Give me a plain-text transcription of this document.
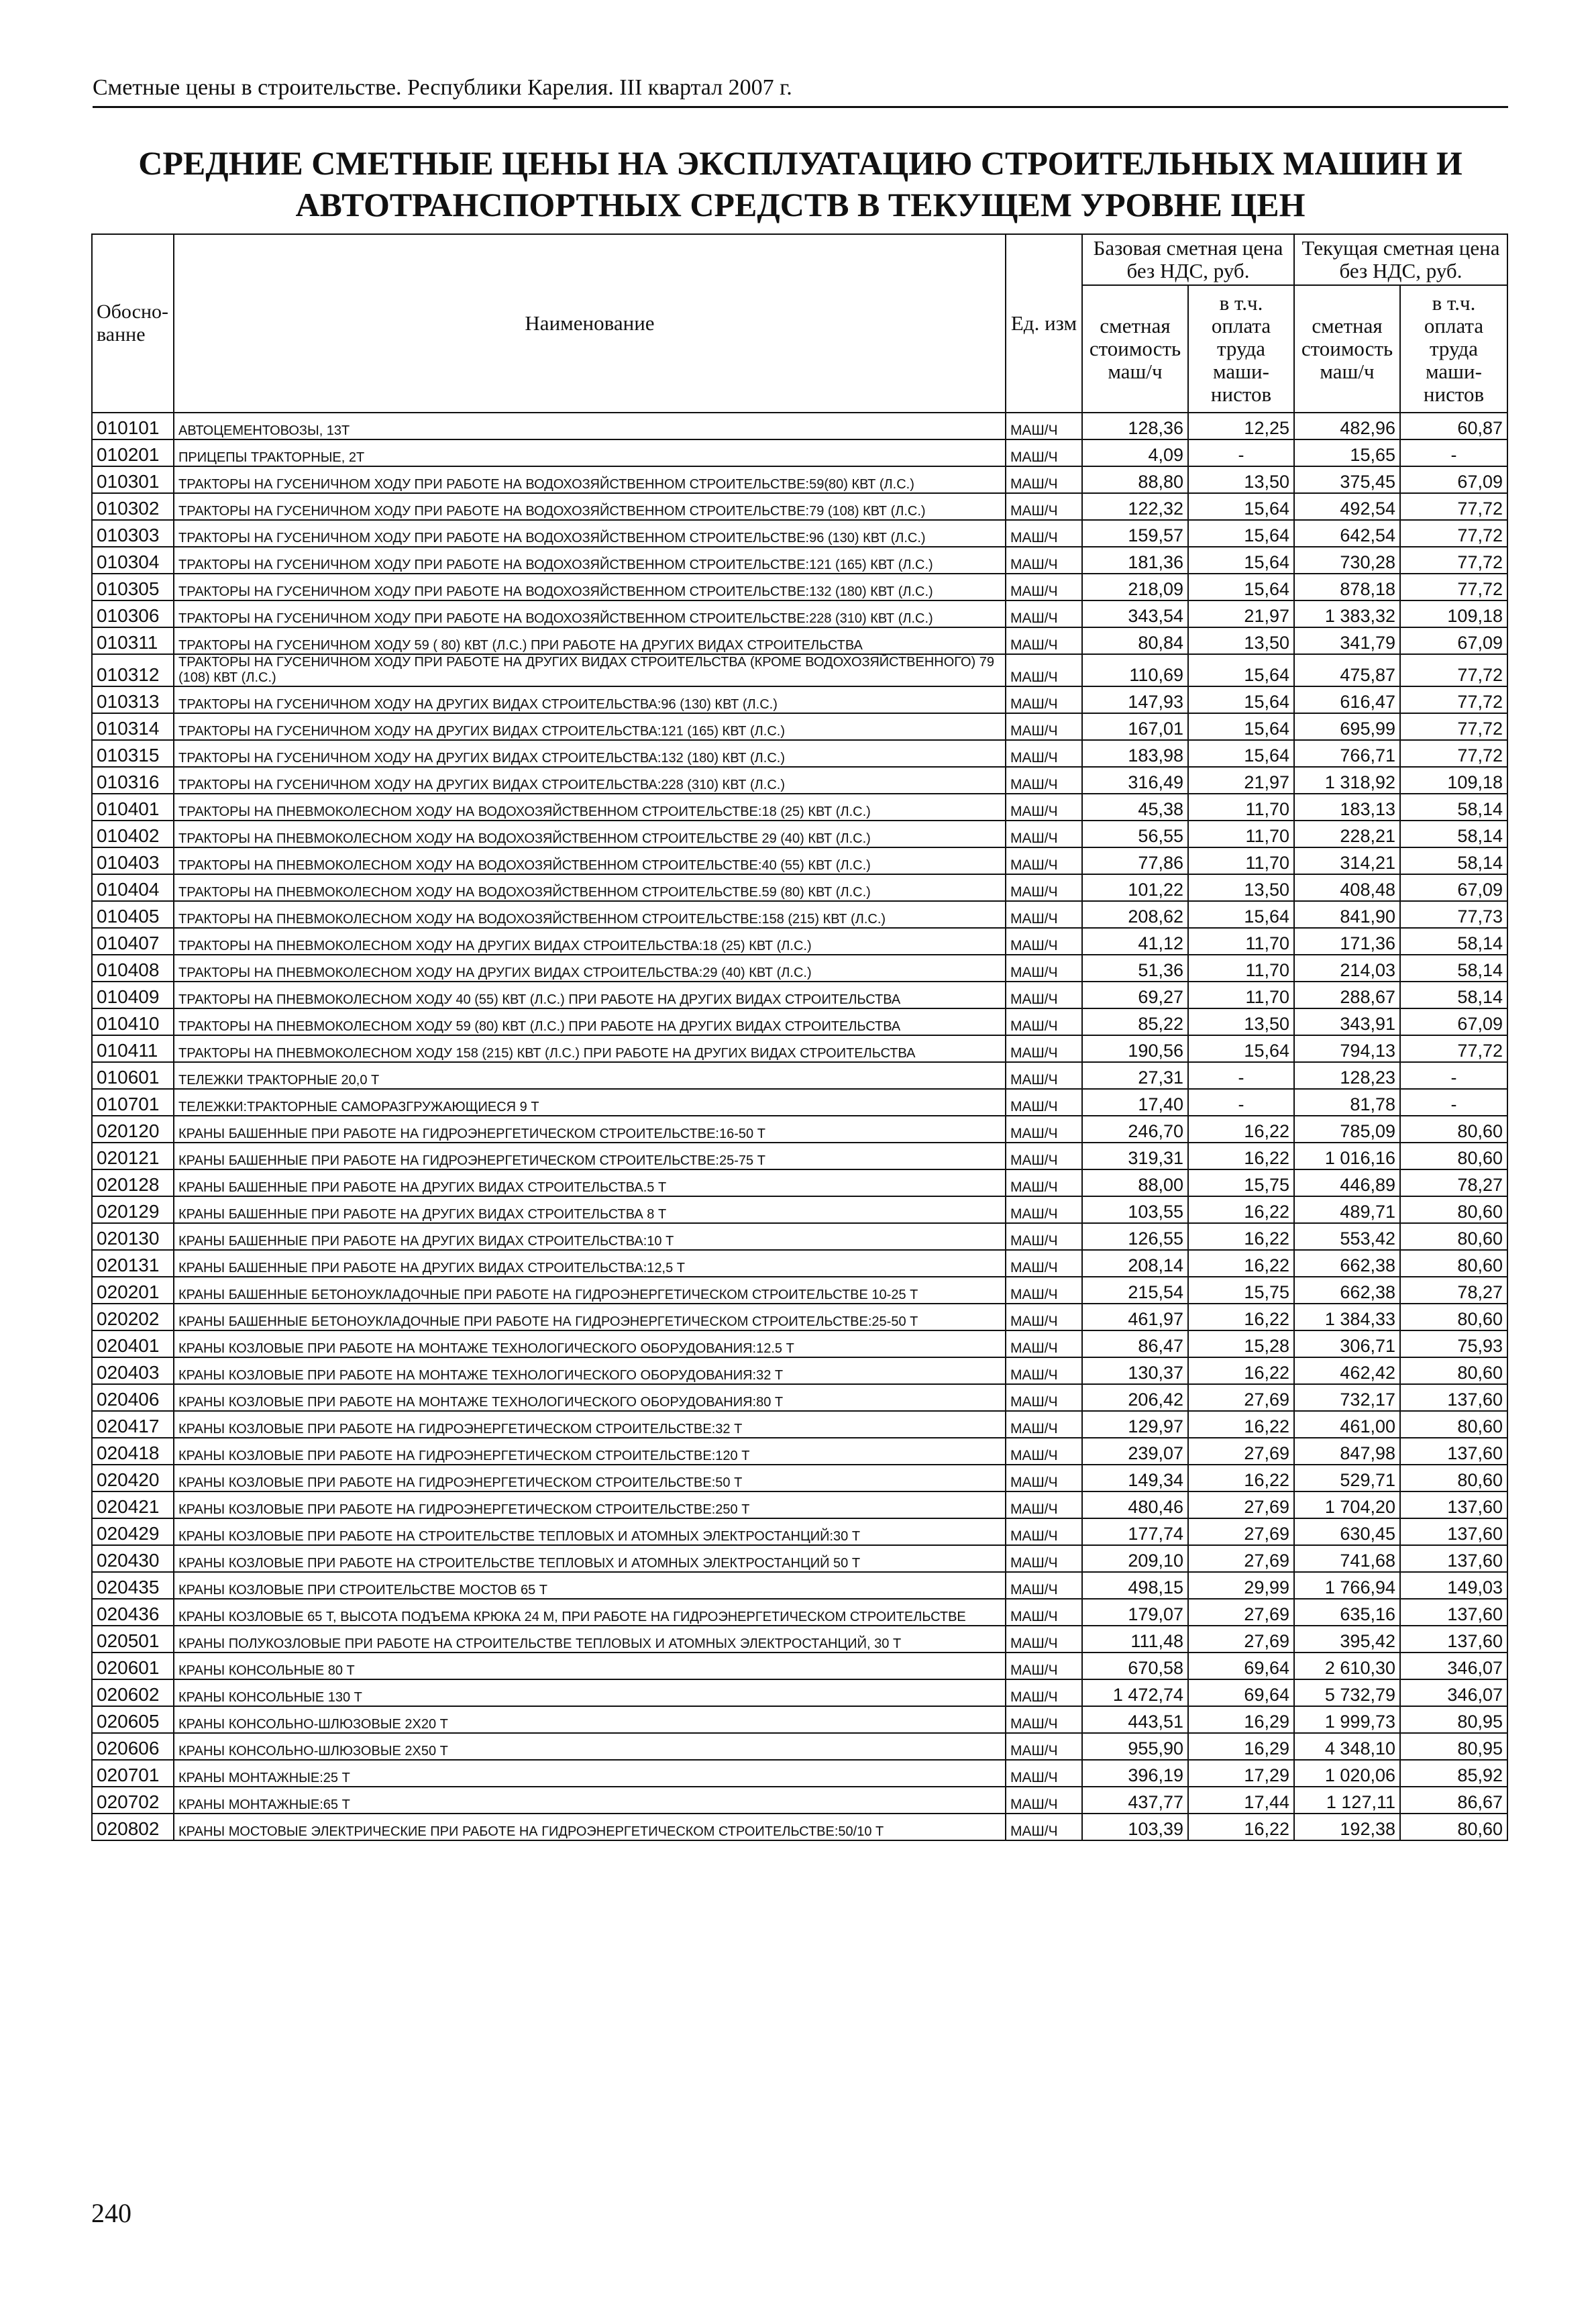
Сметные цены в строительстве. Республики Карелия. III квартал 2007 г.
СРЕДНИЕ СМЕТНЫЕ ЦЕНЫ НА ЭКСПЛУАТАЦИЮ СТРОИТЕЛЬНЫХ МАШИН И
АВТОТРАНСПОРТНЫХ СРЕДСТВ В ТЕКУЩЕМ УРОВНЕ ЦЕН
Обосно-ванне	Наименование	Ед. изм	Базовая сметная цена без НДС, руб.		Текущая сметная цена без НДС, руб.	
			сметная стоимость маш/ч	в т.ч. оплата труда маши-нистов	сметная стоимость маш/ч	в т.ч. оплата труда маши-нистов
010101	АВТОЦЕМЕНТОВОЗЫ, 13Т	МАШ/Ч	128,36	12,25	482,96	60,87
010201	ПРИЦЕПЫ ТРАКТОРНЫЕ, 2Т	МАШ/Ч	4,09	-	15,65	-
010301	ТРАКТОРЫ НА ГУСЕНИЧНОМ ХОДУ ПРИ РАБОТЕ НА ВОДОХОЗЯЙСТВЕННОМ СТРОИТЕЛЬСТВЕ:59(80) КВТ (Л.С.)	МАШ/Ч	88,80	13,50	375,45	67,09
010302	ТРАКТОРЫ НА ГУСЕНИЧНОМ ХОДУ ПРИ РАБОТЕ НА ВОДОХОЗЯЙСТВЕННОМ СТРОИТЕЛЬСТВЕ:79 (108) КВТ (Л.С.)	МАШ/Ч	122,32	15,64	492,54	77,72
010303	ТРАКТОРЫ НА ГУСЕНИЧНОМ ХОДУ ПРИ РАБОТЕ НА ВОДОХОЗЯЙСТВЕННОМ СТРОИТЕЛЬСТВЕ:96 (130) КВТ (Л.С.)	МАШ/Ч	159,57	15,64	642,54	77,72
010304	ТРАКТОРЫ НА ГУСЕНИЧНОМ ХОДУ ПРИ РАБОТЕ НА ВОДОХОЗЯЙСТВЕННОМ СТРОИТЕЛЬСТВЕ:121 (165) КВТ (Л.С.)	МАШ/Ч	181,36	15,64	730,28	77,72
010305	ТРАКТОРЫ НА ГУСЕНИЧНОМ ХОДУ ПРИ РАБОТЕ НА ВОДОХОЗЯЙСТВЕННОМ СТРОИТЕЛЬСТВЕ:132 (180) КВТ (Л.С.)	МАШ/Ч	218,09	15,64	878,18	77,72
010306	ТРАКТОРЫ НА ГУСЕНИЧНОМ ХОДУ ПРИ РАБОТЕ НА ВОДОХОЗЯЙСТВЕННОМ СТРОИТЕЛЬСТВЕ:228 (310) КВТ (Л.С.)	МАШ/Ч	343,54	21,97	1 383,32	109,18
010311	ТРАКТОРЫ НА ГУСЕНИЧНОМ ХОДУ 59 ( 80) КВТ (Л.С.) ПРИ РАБОТЕ НА ДРУГИХ ВИДАХ СТРОИТЕЛЬСТВА	МАШ/Ч	80,84	13,50	341,79	67,09
010312	ТРАКТОРЫ НА ГУСЕНИЧНОМ ХОДУ ПРИ РАБОТЕ НА ДРУГИХ ВИДАХ СТРОИТЕЛЬСТВА (КРОМЕ ВОДОХОЗЯЙСТВЕННОГО) 79 (108) КВТ (Л.С.)	МАШ/Ч	110,69	15,64	475,87	77,72
010313	ТРАКТОРЫ НА ГУСЕНИЧНОМ ХОДУ НА ДРУГИХ ВИДАХ СТРОИТЕЛЬСТВА:96 (130) КВТ (Л.С.)	МАШ/Ч	147,93	15,64	616,47	77,72
010314	ТРАКТОРЫ НА ГУСЕНИЧНОМ ХОДУ НА ДРУГИХ ВИДАХ СТРОИТЕЛЬСТВА:121 (165) КВТ (Л.С.)	МАШ/Ч	167,01	15,64	695,99	77,72
010315	ТРАКТОРЫ НА ГУСЕНИЧНОМ ХОДУ НА ДРУГИХ ВИДАХ СТРОИТЕЛЬСТВА:132 (180) КВТ (Л.С.)	МАШ/Ч	183,98	15,64	766,71	77,72
010316	ТРАКТОРЫ НА ГУСЕНИЧНОМ ХОДУ НА ДРУГИХ ВИДАХ СТРОИТЕЛЬСТВА:228 (310) КВТ (Л.С.)	МАШ/Ч	316,49	21,97	1 318,92	109,18
010401	ТРАКТОРЫ НА ПНЕВМОКОЛЕСНОМ ХОДУ НА ВОДОХОЗЯЙСТВЕННОМ СТРОИТЕЛЬСТВЕ:18 (25) КВТ (Л.С.)	МАШ/Ч	45,38	11,70	183,13	58,14
010402	ТРАКТОРЫ НА ПНЕВМОКОЛЕСНОМ ХОДУ НА ВОДОХОЗЯЙСТВЕННОМ СТРОИТЕЛЬСТВЕ 29 (40) КВТ (Л.С.)	МАШ/Ч	56,55	11,70	228,21	58,14
010403	ТРАКТОРЫ НА ПНЕВМОКОЛЕСНОМ ХОДУ НА ВОДОХОЗЯЙСТВЕННОМ СТРОИТЕЛЬСТВЕ:40 (55) КВТ (Л.С.)	МАШ/Ч	77,86	11,70	314,21	58,14
010404	ТРАКТОРЫ НА ПНЕВМОКОЛЕСНОМ ХОДУ НА ВОДОХОЗЯЙСТВЕННОМ СТРОИТЕЛЬСТВЕ.59 (80) КВТ (Л.С.)	МАШ/Ч	101,22	13,50	408,48	67,09
010405	ТРАКТОРЫ НА ПНЕВМОКОЛЕСНОМ ХОДУ НА ВОДОХОЗЯЙСТВЕННОМ СТРОИТЕЛЬСТВЕ:158 (215) КВТ (Л.С.)	МАШ/Ч	208,62	15,64	841,90	77,73
010407	ТРАКТОРЫ НА ПНЕВМОКОЛЕСНОМ ХОДУ НА ДРУГИХ ВИДАХ СТРОИТЕЛЬСТВА:18 (25) КВТ (Л.С.)	МАШ/Ч	41,12	11,70	171,36	58,14
010408	ТРАКТОРЫ НА ПНЕВМОКОЛЕСНОМ ХОДУ НА ДРУГИХ ВИДАХ СТРОИТЕЛЬСТВА:29 (40) КВТ (Л.С.)	МАШ/Ч	51,36	11,70	214,03	58,14
010409	ТРАКТОРЫ НА ПНЕВМОКОЛЕСНОМ ХОДУ 40 (55) КВТ (Л.С.) ПРИ РАБОТЕ НА ДРУГИХ ВИДАХ СТРОИТЕЛЬСТВА	МАШ/Ч	69,27	11,70	288,67	58,14
010410	ТРАКТОРЫ НА ПНЕВМОКОЛЕСНОМ ХОДУ 59 (80) КВТ (Л.С.) ПРИ РАБОТЕ НА ДРУГИХ ВИДАХ СТРОИТЕЛЬСТВА	МАШ/Ч	85,22	13,50	343,91	67,09
010411	ТРАКТОРЫ НА ПНЕВМОКОЛЕСНОМ ХОДУ 158 (215) КВТ (Л.С.) ПРИ РАБОТЕ НА ДРУГИХ ВИДАХ СТРОИТЕЛЬСТВА	МАШ/Ч	190,56	15,64	794,13	77,72
010601	ТЕЛЕЖКИ ТРАКТОРНЫЕ 20,0 Т	МАШ/Ч	27,31	-	128,23	-
010701	ТЕЛЕЖКИ:ТРАКТОРНЫЕ САМОРАЗГРУЖАЮЩИЕСЯ 9 Т	МАШ/Ч	17,40	-	81,78	-
020120	КРАНЫ БАШЕННЫЕ ПРИ РАБОТЕ НА ГИДРОЭНЕРГЕТИЧЕСКОМ СТРОИТЕЛЬСТВЕ:16-50 Т	МАШ/Ч	246,70	16,22	785,09	80,60
020121	КРАНЫ БАШЕННЫЕ ПРИ РАБОТЕ НА ГИДРОЭНЕРГЕТИЧЕСКОМ СТРОИТЕЛЬСТВЕ:25-75 Т	МАШ/Ч	319,31	16,22	1 016,16	80,60
020128	КРАНЫ БАШЕННЫЕ ПРИ РАБОТЕ НА ДРУГИХ ВИДАХ СТРОИТЕЛЬСТВА.5 Т	МАШ/Ч	88,00	15,75	446,89	78,27
020129	КРАНЫ БАШЕННЫЕ ПРИ РАБОТЕ НА ДРУГИХ ВИДАХ СТРОИТЕЛЬСТВА 8 Т	МАШ/Ч	103,55	16,22	489,71	80,60
020130	КРАНЫ БАШЕННЫЕ ПРИ РАБОТЕ НА ДРУГИХ ВИДАХ СТРОИТЕЛЬСТВА:10 Т	МАШ/Ч	126,55	16,22	553,42	80,60
020131	КРАНЫ БАШЕННЫЕ ПРИ РАБОТЕ НА ДРУГИХ ВИДАХ СТРОИТЕЛЬСТВА:12,5 Т	МАШ/Ч	208,14	16,22	662,38	80,60
020201	КРАНЫ БАШЕННЫЕ БЕТОНОУКЛАДОЧНЫЕ ПРИ РАБОТЕ НА ГИДРОЭНЕРГЕТИЧЕСКОМ СТРОИТЕЛЬСТВЕ 10-25 Т	МАШ/Ч	215,54	15,75	662,38	78,27
020202	КРАНЫ БАШЕННЫЕ БЕТОНОУКЛАДОЧНЫЕ ПРИ РАБОТЕ НА ГИДРОЭНЕРГЕТИЧЕСКОМ СТРОИТЕЛЬСТВЕ:25-50 Т	МАШ/Ч	461,97	16,22	1 384,33	80,60
020401	КРАНЫ КОЗЛОВЫЕ ПРИ РАБОТЕ НА МОНТАЖЕ ТЕХНОЛОГИЧЕСКОГО ОБОРУДОВАНИЯ:12.5 Т	МАШ/Ч	86,47	15,28	306,71	75,93
020403	КРАНЫ КОЗЛОВЫЕ ПРИ РАБОТЕ НА МОНТАЖЕ ТЕХНОЛОГИЧЕСКОГО ОБОРУДОВАНИЯ:32 Т	МАШ/Ч	130,37	16,22	462,42	80,60
020406	КРАНЫ КОЗЛОВЫЕ ПРИ РАБОТЕ НА МОНТАЖЕ ТЕХНОЛОГИЧЕСКОГО ОБОРУДОВАНИЯ:80 Т	МАШ/Ч	206,42	27,69	732,17	137,60
020417	КРАНЫ КОЗЛОВЫЕ ПРИ РАБОТЕ НА ГИДРОЭНЕРГЕТИЧЕСКОМ СТРОИТЕЛЬСТВЕ:32 Т	МАШ/Ч	129,97	16,22	461,00	80,60
020418	КРАНЫ КОЗЛОВЫЕ ПРИ РАБОТЕ НА ГИДРОЭНЕРГЕТИЧЕСКОМ СТРОИТЕЛЬСТВЕ:120 Т	МАШ/Ч	239,07	27,69	847,98	137,60
020420	КРАНЫ КОЗЛОВЫЕ ПРИ РАБОТЕ НА ГИДРОЭНЕРГЕТИЧЕСКОМ СТРОИТЕЛЬСТВЕ:50 Т	МАШ/Ч	149,34	16,22	529,71	80,60
020421	КРАНЫ КОЗЛОВЫЕ ПРИ РАБОТЕ НА ГИДРОЭНЕРГЕТИЧЕСКОМ СТРОИТЕЛЬСТВЕ:250 Т	МАШ/Ч	480,46	27,69	1 704,20	137,60
020429	КРАНЫ КОЗЛОВЫЕ ПРИ РАБОТЕ НА СТРОИТЕЛЬСТВЕ ТЕПЛОВЫХ И АТОМНЫХ ЭЛЕКТРОСТАНЦИЙ:30 Т	МАШ/Ч	177,74	27,69	630,45	137,60
020430	КРАНЫ КОЗЛОВЫЕ ПРИ РАБОТЕ НА СТРОИТЕЛЬСТВЕ ТЕПЛОВЫХ И АТОМНЫХ ЭЛЕКТРОСТАНЦИЙ 50 Т	МАШ/Ч	209,10	27,69	741,68	137,60
020435	КРАНЫ КОЗЛОВЫЕ ПРИ СТРОИТЕЛЬСТВЕ МОСТОВ 65 Т	МАШ/Ч	498,15	29,99	1 766,94	149,03
020436	КРАНЫ КОЗЛОВЫЕ 65 Т, ВЫСОТА ПОДЪЕМА КРЮКА 24 М, ПРИ РАБОТЕ НА ГИДРОЭНЕРГЕТИЧЕСКОМ СТРОИТЕЛЬСТВЕ	МАШ/Ч	179,07	27,69	635,16	137,60
020501	КРАНЫ ПОЛУКОЗЛОВЫЕ ПРИ РАБОТЕ НА СТРОИТЕЛЬСТВЕ ТЕПЛОВЫХ И АТОМНЫХ ЭЛЕКТРОСТАНЦИЙ, 30 Т	МАШ/Ч	111,48	27,69	395,42	137,60
020601	КРАНЫ КОНСОЛЬНЫЕ 80 Т	МАШ/Ч	670,58	69,64	2 610,30	346,07
020602	КРАНЫ КОНСОЛЬНЫЕ 130 Т	МАШ/Ч	1 472,74	69,64	5 732,79	346,07
020605	КРАНЫ КОНСОЛЬНО-ШЛЮЗОВЫЕ 2Х20 Т	МАШ/Ч	443,51	16,29	1 999,73	80,95
020606	КРАНЫ КОНСОЛЬНО-ШЛЮЗОВЫЕ 2Х50 Т	МАШ/Ч	955,90	16,29	4 348,10	80,95
020701	КРАНЫ МОНТАЖНЫЕ:25 Т	МАШ/Ч	396,19	17,29	1 020,06	85,92
020702	КРАНЫ МОНТАЖНЫЕ:65 Т	МАШ/Ч	437,77	17,44	1 127,11	86,67
020802	КРАНЫ МОСТОВЫЕ ЭЛЕКТРИЧЕСКИЕ ПРИ РАБОТЕ НА ГИДРОЭНЕРГЕТИЧЕСКОМ СТРОИТЕЛЬСТВЕ:50/10 Т	МАШ/Ч	103,39	16,22	192,38	80,60
240
